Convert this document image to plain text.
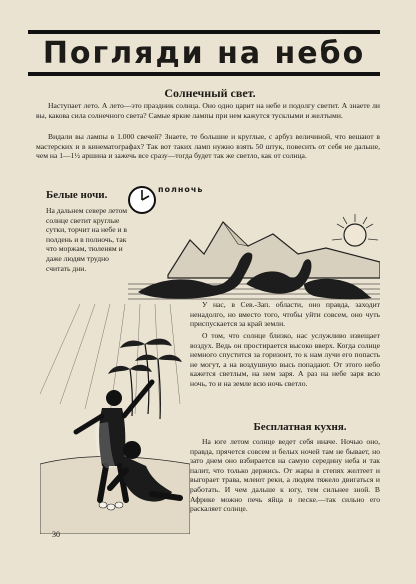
Погляди на небо
Солнечный свет.
Наступает лето. А лето—это праздник солнца. Оно одно царит на небе и подолгу светит. А знаете ли вы, какова сила солнечного света? Самые яркие лампы при нем кажутся тусклыми и желтыми.
Видали вы лампы в 1.000 свечей? Знаете, те большие и круглые, с арбуз величиной, что вешают в мастерских и в кинематографах? Так вот таких ламп нужно взять 50 штук, повесить от себя не дальше, чем на 1—1½ аршина и зажечь все сразу—тогда будет так же светло, как от солнца.
Белые ночи.
На дальнем севере летом солнце светит круглые сутки, торчит на небе и в полдень и в полночь, так что моржам, тюленям и даже людям трудно считать дни.
полночь
У нас, в Сев.-Зап. области, оно правда, заходит ненадолго, но вместо того, чтобы уйти совсем, оно чуть приспускается за край земли.
О том, что солнце близко, нас услужливо извещает воздух. Ведь он простирается высоко вверх. Когда солнце немного спустится за горизонт, то к нам лучи его попасть не могут, а на воздушную высь попадают. От этого небо кажется светлым, на нем заря. А раз на небе заря всю ночь, то и на земле всю ночь светло.
Бесплатная кухня.
На юге летом солнце ведет себя иначе. Ночью оно, правда, прячется совсем и белых ночей там не бывает, но зато днем оно взбирается на самую середину неба и так палит, что только держись. От жары в степях желтеет и выгорает трава, млеют реки, а людям тяжело двигаться и работать. И чем дальше к югу, тем сильнее зной. В Африке можно печь яйца в песке.—так сильно его раскаляет солнце.
30
